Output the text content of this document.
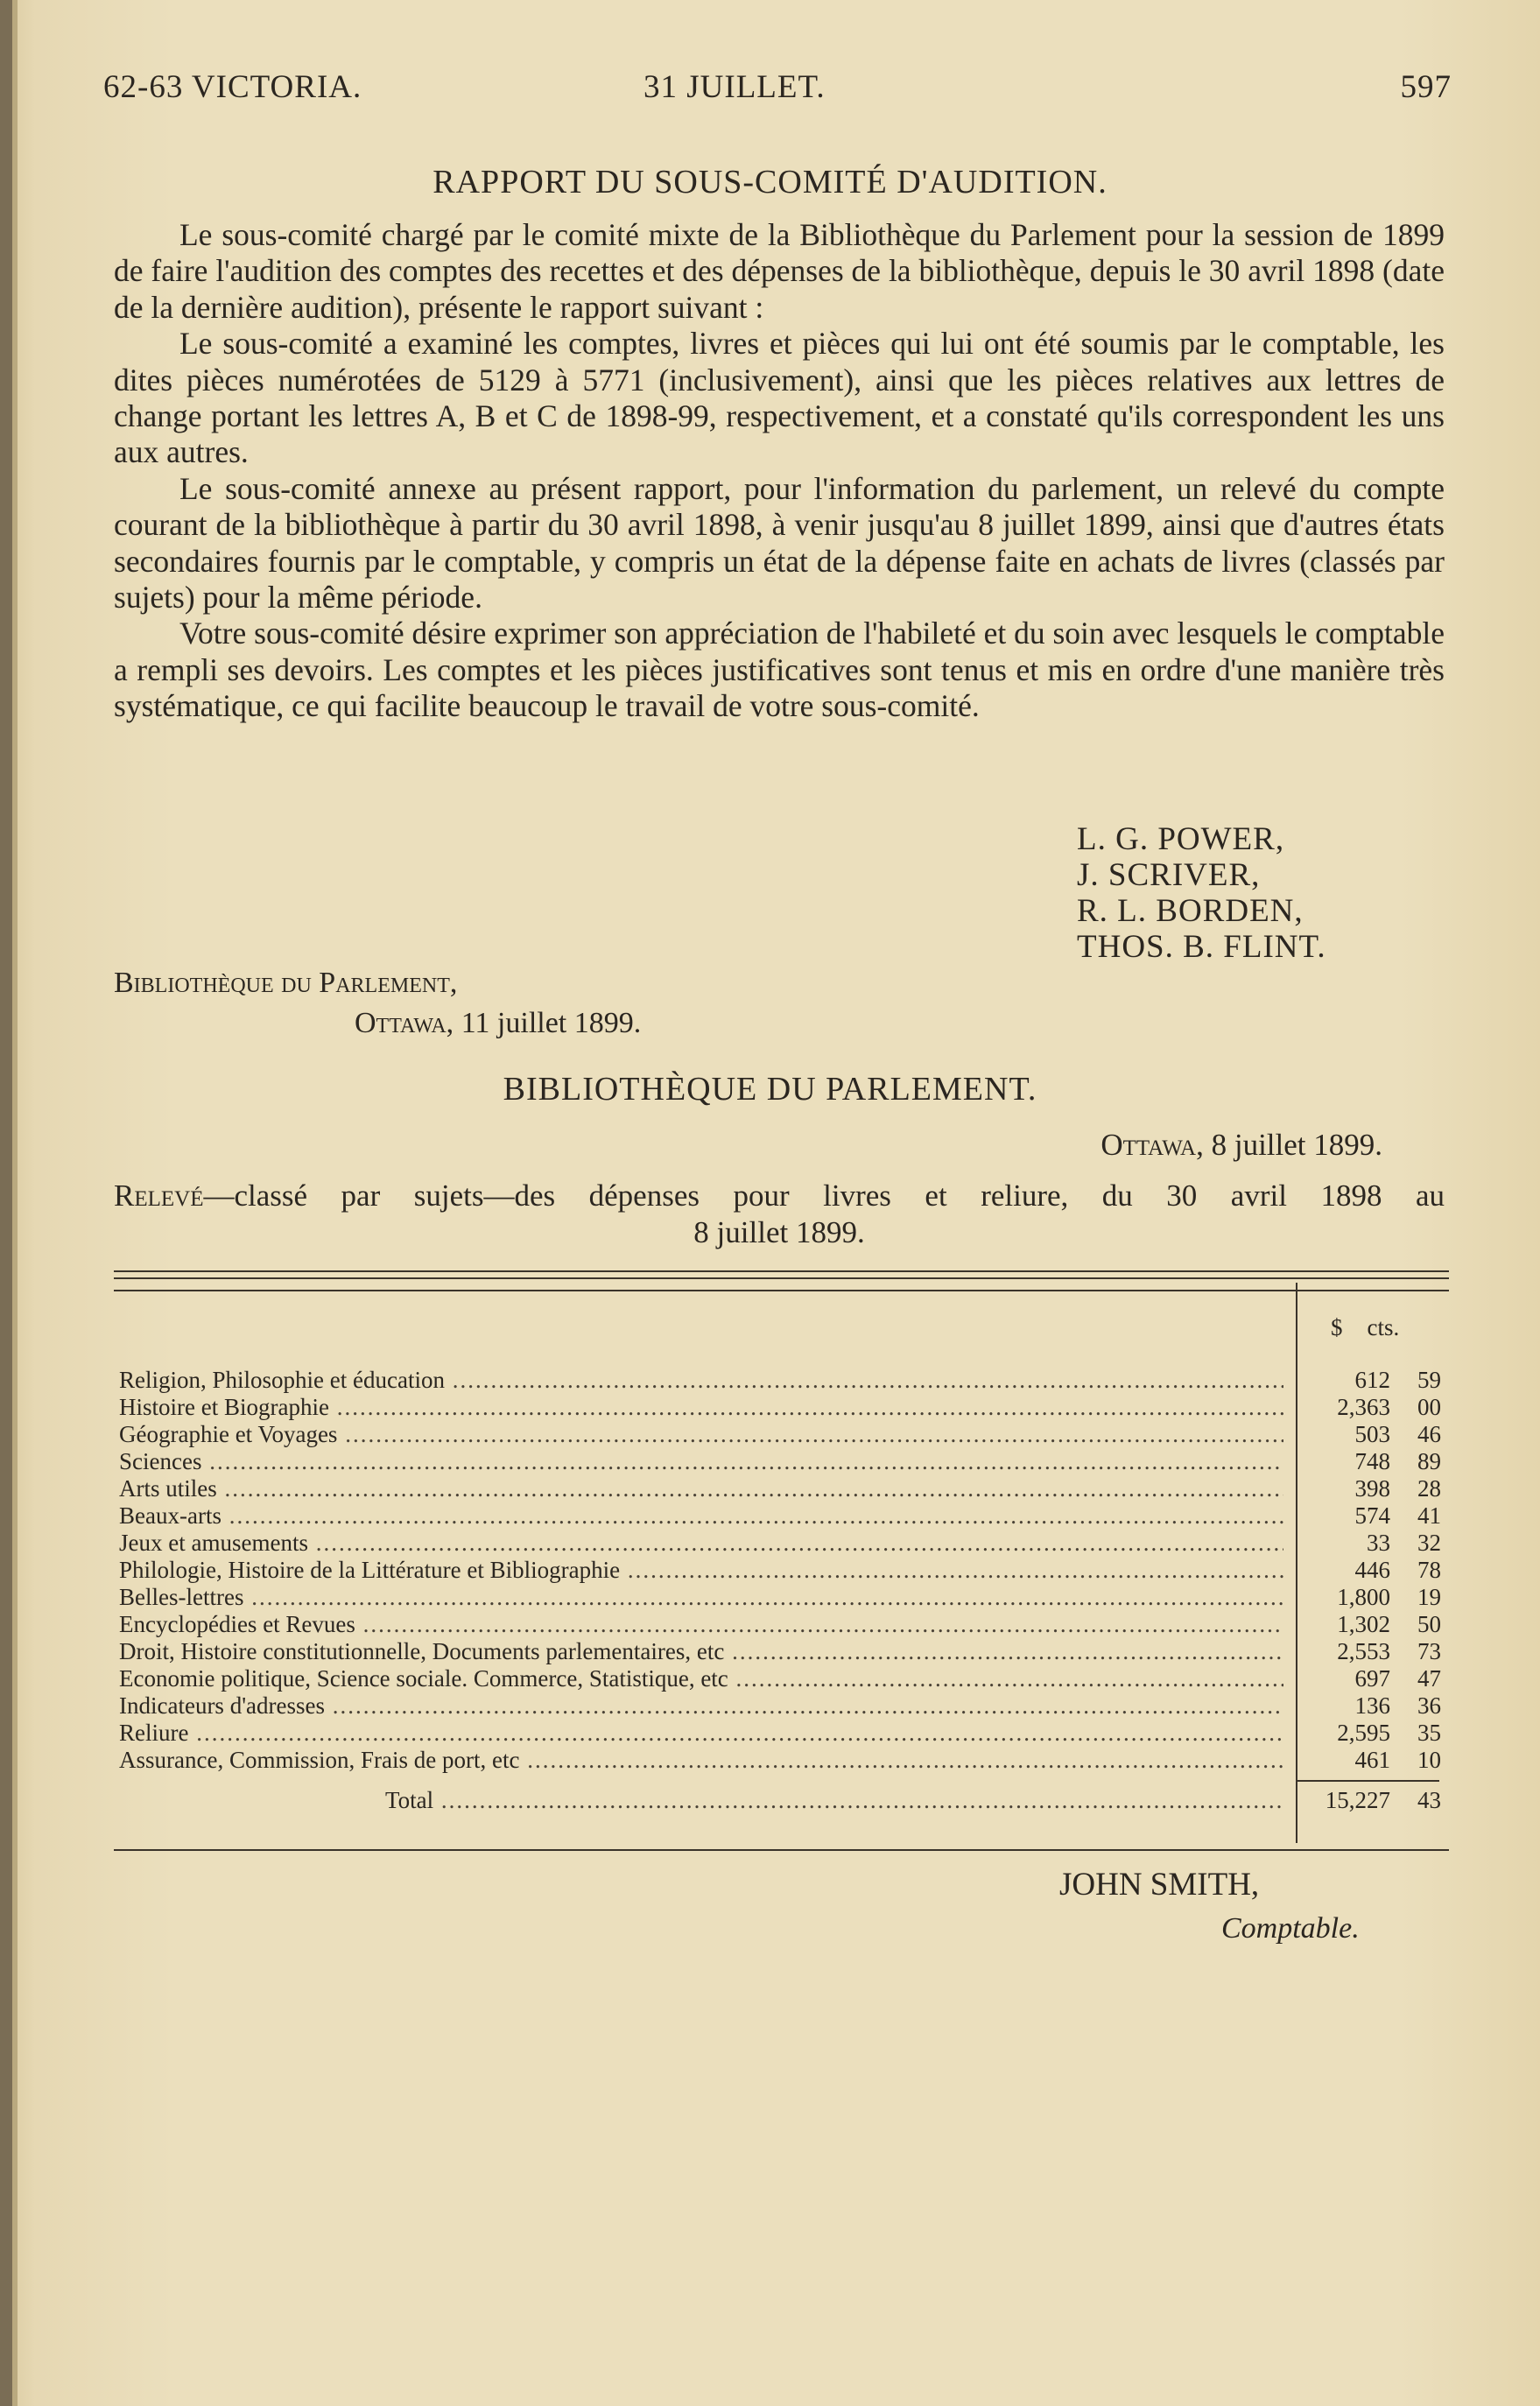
62-63 VICTORIA.	31 JUILLET.	597
RAPPORT DU SOUS-COMITÉ D'AUDITION.

Le sous-comité chargé par le comité mixte de la Bibliothèque du Parlement pour la session de 1899 de faire l'audition des comptes des recettes et des dépenses de la bibliothèque, depuis le 30 avril 1898 (date de la dernière audition), présente le rapport suivant :

Le sous-comité a examiné les comptes, livres et pièces qui lui ont été soumis par le comptable, les dites pièces numérotées de 5129 à 5771 (inclusivement), ainsi que les pièces relatives aux lettres de change portant les lettres A, B et C de 1898-99, respectivement, et a constaté qu'ils correspondent les uns aux autres.

Le sous-comité annexe au présent rapport, pour l'information du parlement, un relevé du compte courant de la bibliothèque à partir du 30 avril 1898, à venir jusqu'au 8 juillet 1899, ainsi que d'autres états secondaires fournis par le comptable, y compris un état de la dépense faite en achats de livres (classés par sujets) pour la même période.

Votre sous-comité désire exprimer son appréciation de l'habileté et du soin avec lesquels le comptable a rempli ses devoirs. Les comptes et les pièces justificatives sont tenus et mis en ordre d'une manière très systématique, ce qui facilite beaucoup le travail de votre sous-comité.

L. G. POWER,
J. SCRIVER,
R. L. BORDEN,
THOS. B. FLINT.
Bibliothèque du Parlement,
Ottawa, 11 juillet 1899.
BIBLIOTHÈQUE DU PARLEMENT.
Ottawa, 8 juillet 1899.
Relevé—classé par sujets—des dépenses pour livres et reliure, du 30 avril 1898 au
8 juillet 1899.
$ cts.
Religion, Philosophie et éducation .....	612 59
Histoire et Biographie .....	2,363 00
Géographie et Voyages .....	503 46
Sciences .....	748 89
Arts utiles .....	398 28
Beaux-arts .....	574 41
Jeux et amusements .....	33 32
Philologie, Histoire de la Littérature et Bibliographie .....	446 78
Belles-lettres .....	1,800 19
Encyclopédies et Revues .....	1,302 50
Droit, Histoire constitutionnelle, Documents parlementaires, etc .....	2,553 73
Economie politique, Science sociale. Commerce, Statistique, etc .....	697 47
Indicateurs d'adresses .....	136 36
Reliure .....	2,595 35
Assurance, Commission, Frais de port, etc .....	461 10
Total .....	15,227 43
JOHN SMITH,
Comptable.
